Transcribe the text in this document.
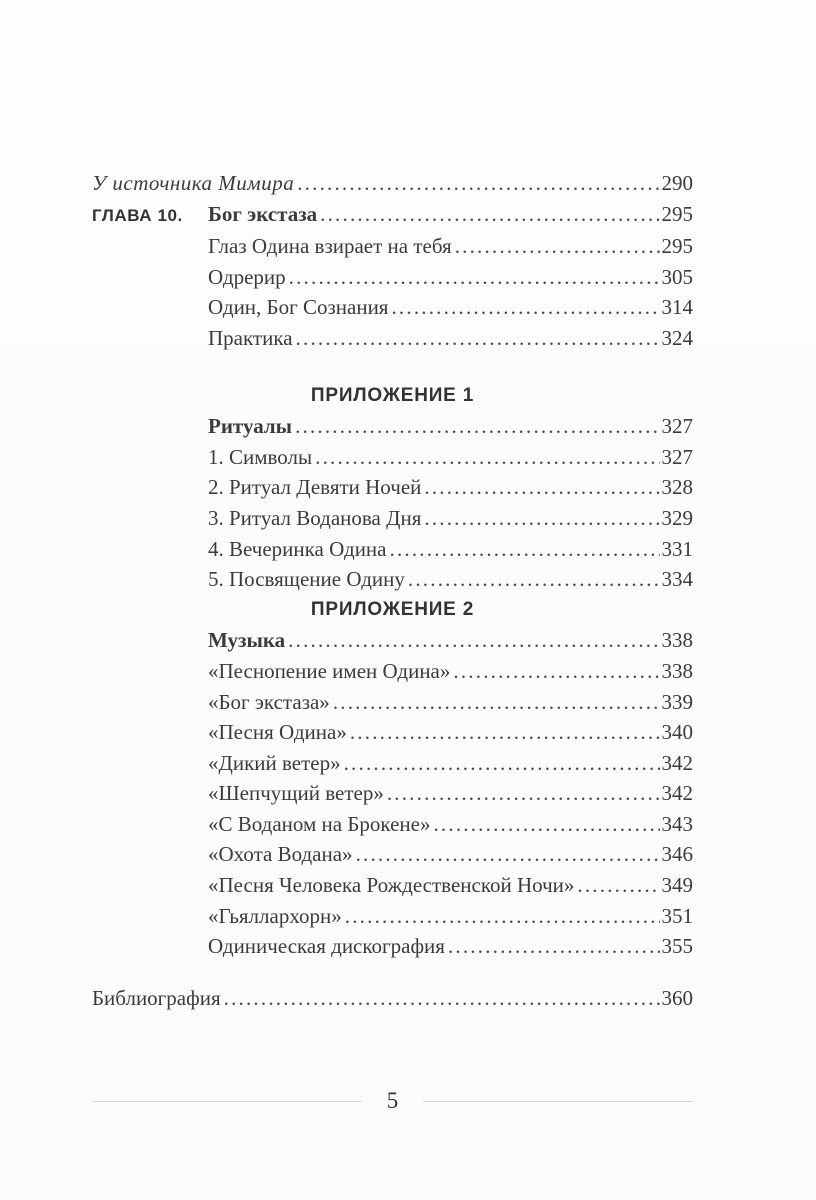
У источника Мимира .....	290
ГЛАВА 10.	Бог экстаза .....	295
Глаз Одина взирает на тебя .....	295
Одрерир .....	305
Один, Бог Сознания .....	314
Практика .....	324
ПРИЛОЖЕНИЕ 1
Ритуалы .....	327
1. Символы .....	327
2. Ритуал Девяти Ночей .....	328
3. Ритуал Воданова Дня .....	329
4. Вечеринка Одина .....	331
5. Посвящение Одину .....	334
ПРИЛОЖЕНИЕ 2
Музыка .....	338
«Песнопение имен Одина» .....	338
«Бог экстаза» .....	339
«Песня Одина» .....	340
«Дикий ветер» .....	342
«Шепчущий ветер» .....	342
«С Воданом на Брокене» .....	343
«Охота Водана» .....	346
«Песня Человека Рождественской Ночи» .....	349
«Гьяллархорн» .....	351
Одиническая дискография .....	355
Библиография .....	360
5
